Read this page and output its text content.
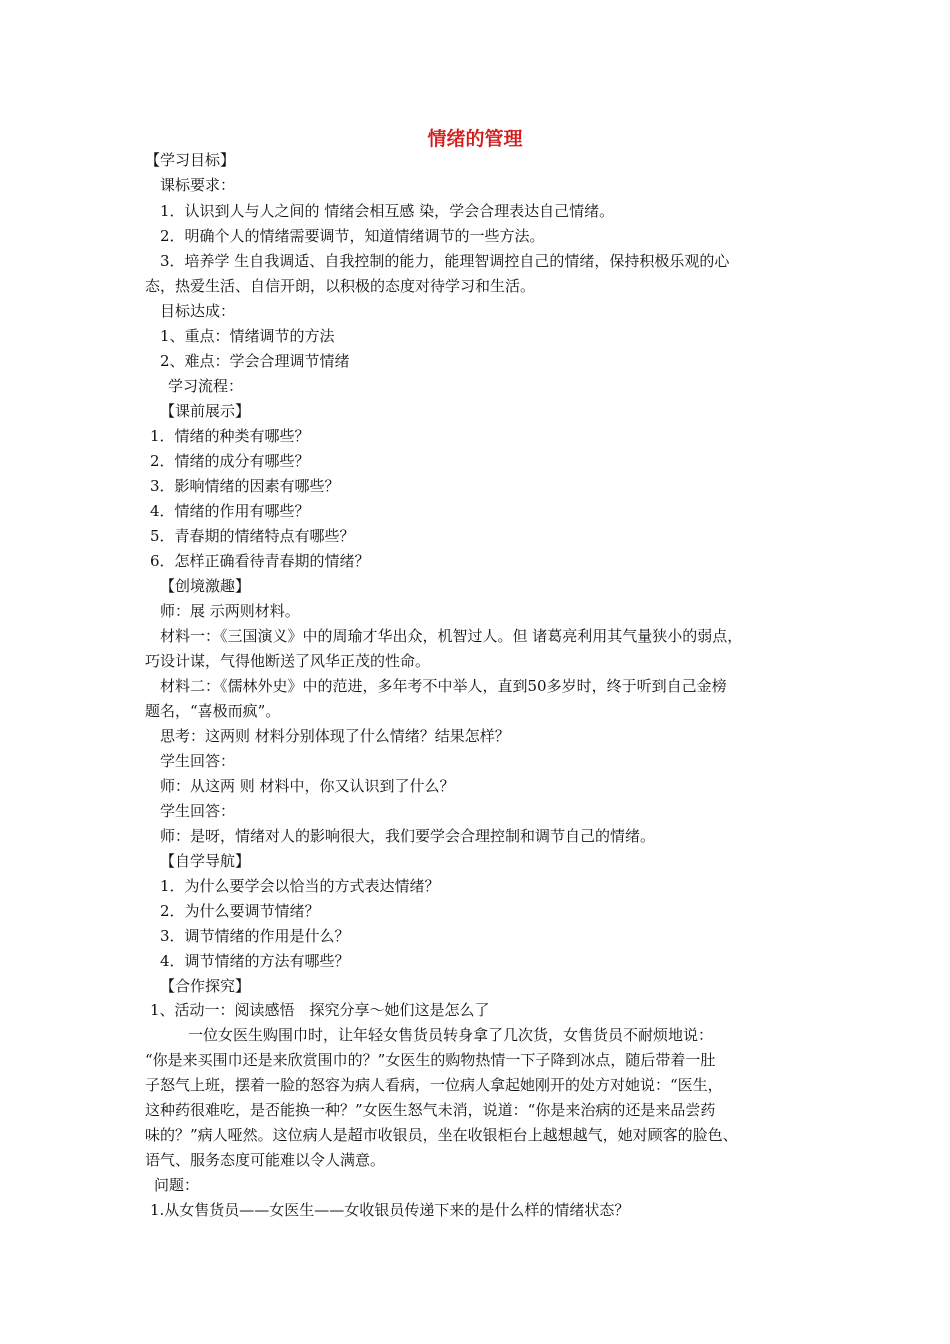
情绪的管理
【学习目标】
课标要求：
1．认识到人与人之间的 情绪会相互感 染，学会合理表达自己情绪。
2．明确个人的情绪需要调节，知道情绪调节的一些方法。
3．培养学 生自我调适、自我控制的能力，能理智调控自己的情绪，保持积极乐观的心
态，热爱生活、自信开朗，以积极的态度对待学习和生活。
目标达成：
1、重点：情绪调节的方法
2、难点：学会合理调节情绪
学习流程：
【课前展示】
1．情绪的种类有哪些？
2．情绪的成分有哪些？
3．影响情绪的因素有哪些？
4．情绪的作用有哪些？
5．青春期的情绪特点有哪些？
6．怎样正确看待青春期的情绪？
【创境激趣】
师：展 示两则材料。
材料一：《三国演义》中的周瑜才华出众，机智过人。但 诸葛亮利用其气量狭小的弱点，
巧设计谋，气得他断送了风华正茂的性命。
材料二：《儒林外史》中的范进，多年考不中举人，直到50多岁时，终于听到自己金榜
题名，“喜极而疯”。
思考：这两则 材料分别体现了什么情绪？结果怎样？
学生回答：
师：从这两 则 材料中，你又认识到了什么？
学生回答：
师：是呀，情绪对人的影响很大，我们要学会合理控制和调节自己的情绪。
【自学导航】
1．为什么要学会以恰当的方式表达情绪？
2．为什么要调节情绪？
3．调节情绪的作用是什么？
4．调节情绪的方法有哪些？
【合作探究】
1、活动一：阅读感悟　探究分享～她们这是怎么了
一位女医生购围巾时，让年轻女售货员转身拿了几次货，女售货员不耐烦地说：
“你是来买围巾还是来欣赏围巾的？”女医生的购物热情一下子降到冰点，随后带着一肚
子怒气上班，摆着一脸的怒容为病人看病，一位病人拿起她刚开的处方对她说：“医生，
这种药很难吃，是否能换一种？”女医生怒气未消，说道：“你是来治病的还是来品尝药
味的？”病人哑然。这位病人是超市收银员，坐在收银柜台上越想越气，她对顾客的脸色、
语气、服务态度可能难以令人满意。
问题：
1.从女售货员——女医生——女收银员传递下来的是什么样的情绪状态？
